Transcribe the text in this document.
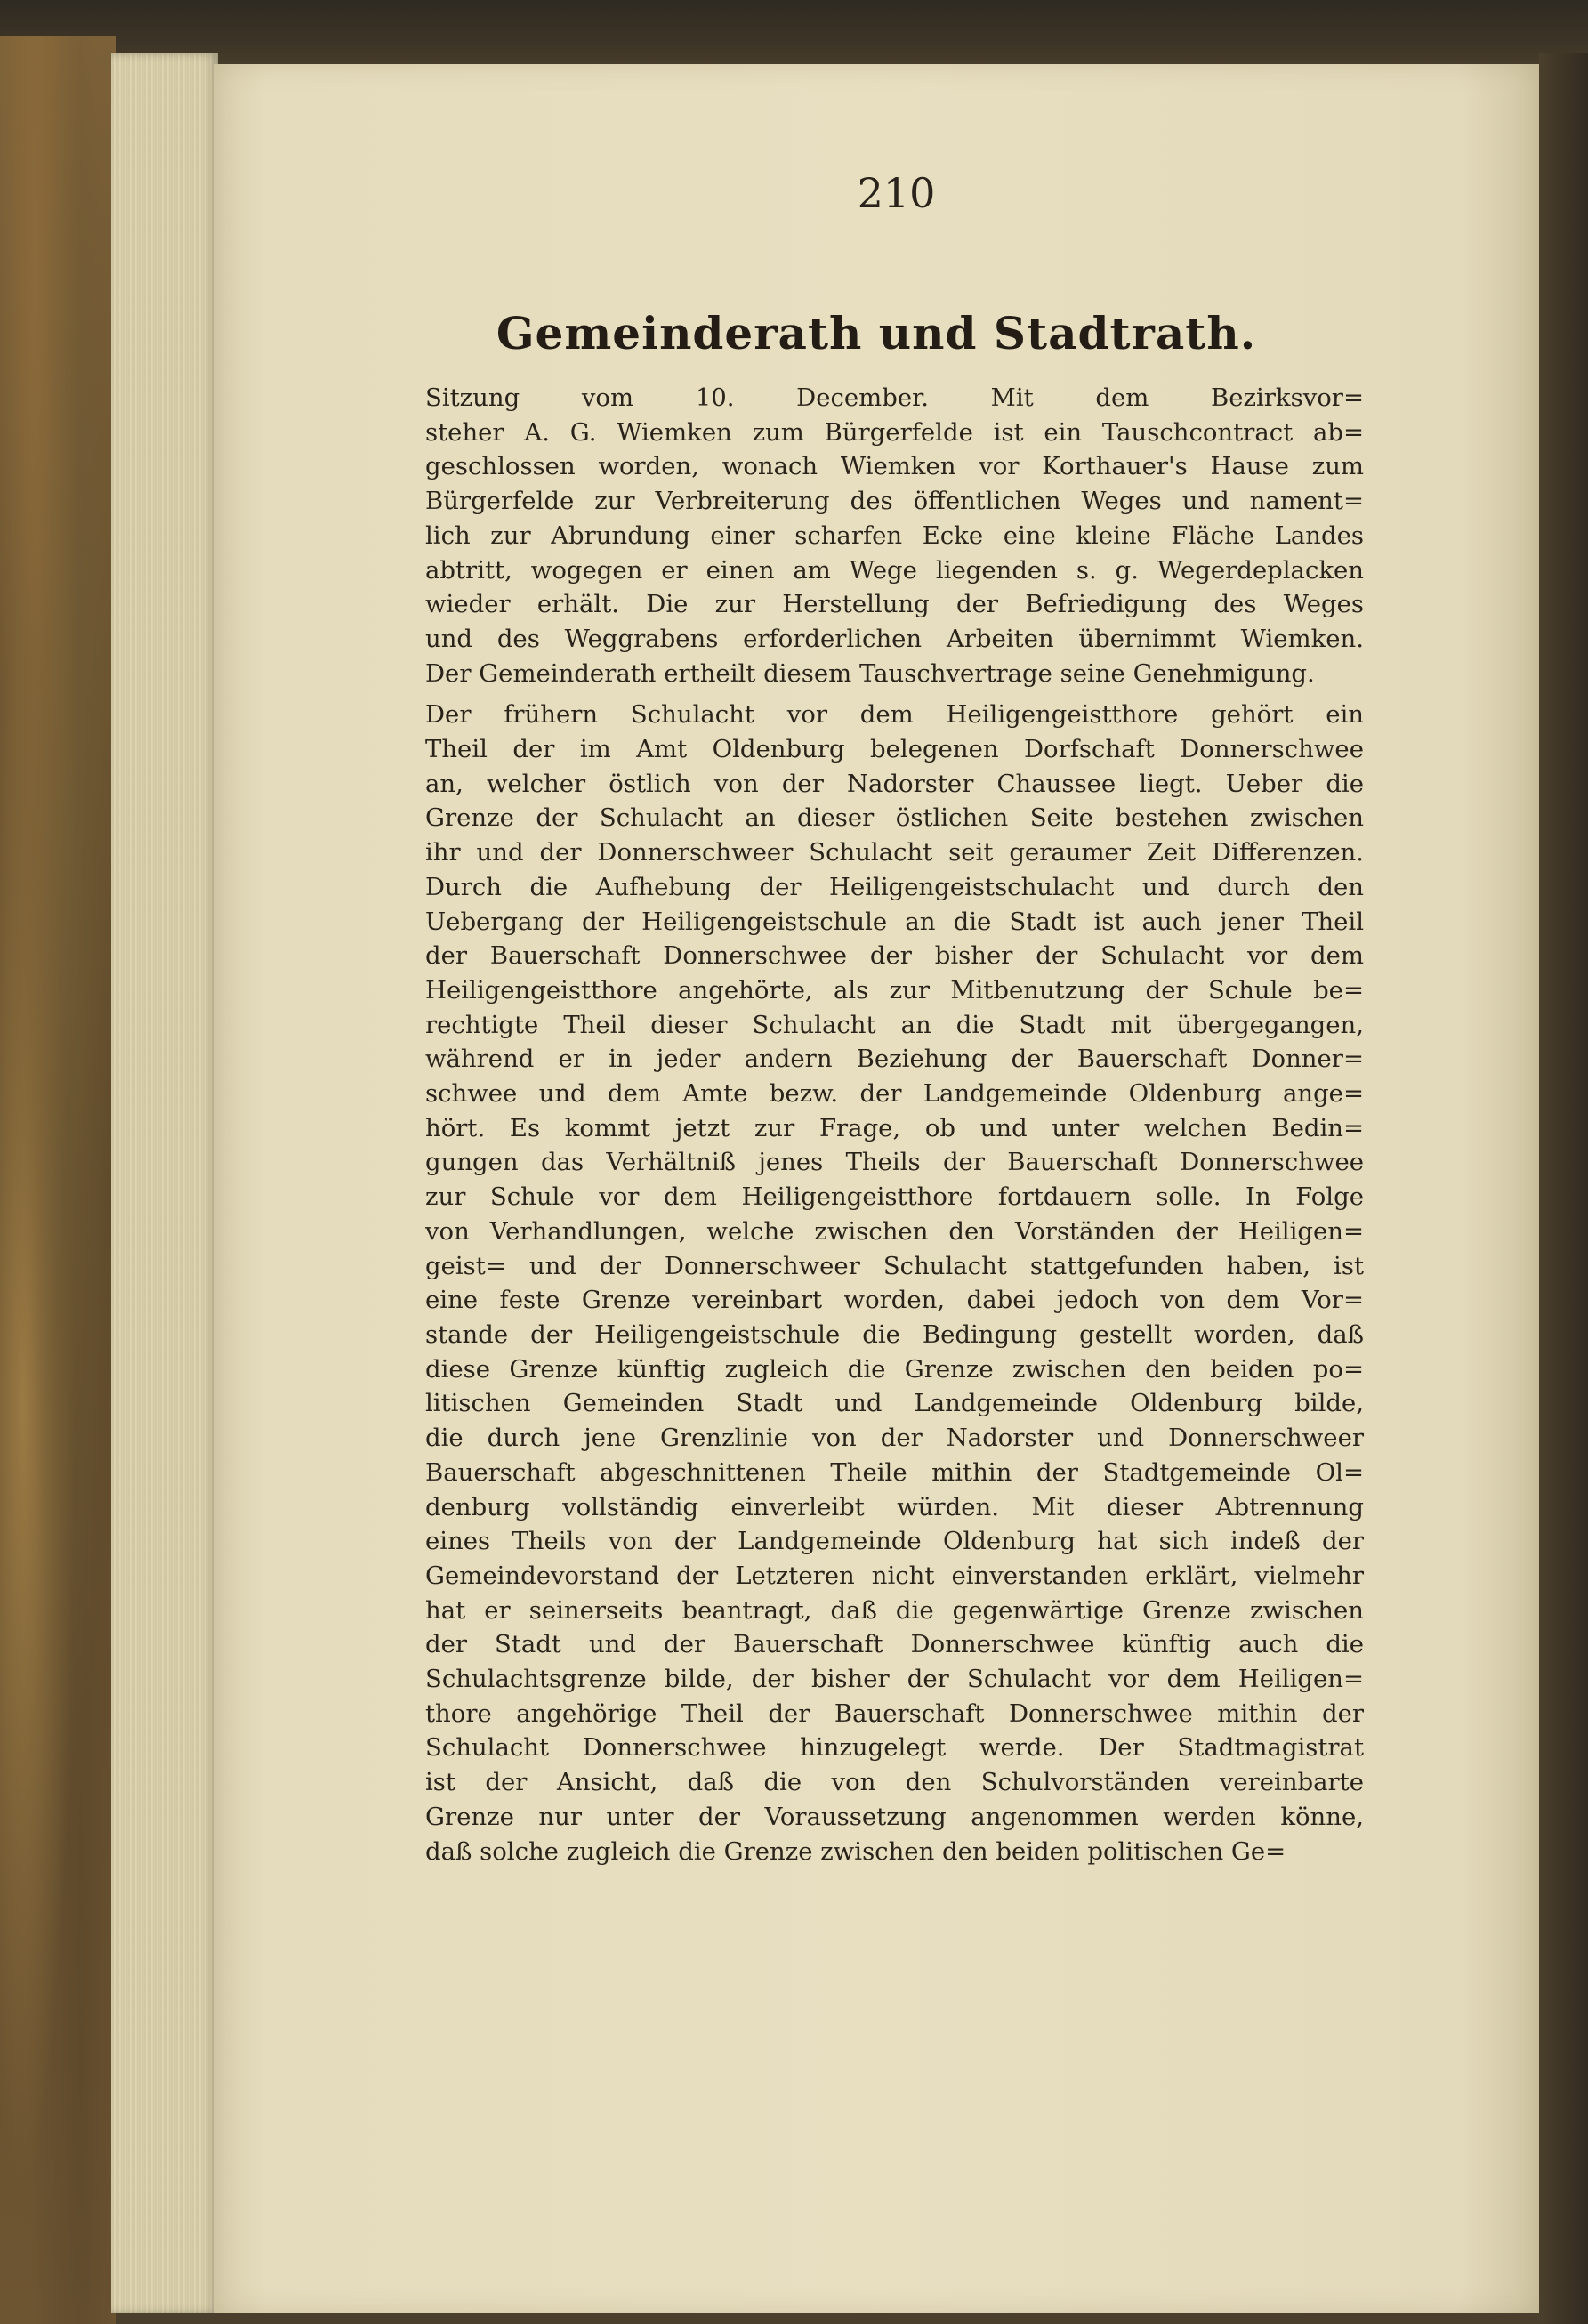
210
Gemeinderath und Stadtrath.
Sitzung vom 10. December. Mit dem Bezirksvor=
steher A. G. Wiemken zum Bürgerfelde ist ein Tauschcontract ab=
geschlossen worden, wonach Wiemken vor Korthauer's Hause zum
Bürgerfelde zur Verbreiterung des öffentlichen Weges und nament=
lich zur Abrundung einer scharfen Ecke eine kleine Fläche Landes
abtritt, wogegen er einen am Wege liegenden s. g. Wegerdeplacken
wieder erhält. Die zur Herstellung der Befriedigung des Weges
und des Weggrabens erforderlichen Arbeiten übernimmt Wiemken.
Der Gemeinderath ertheilt diesem Tauschvertrage seine Genehmigung.
Der frühern Schulacht vor dem Heiligengeistthore gehört ein
Theil der im Amt Oldenburg belegenen Dorfschaft Donnerschwee
an, welcher östlich von der Nadorster Chaussee liegt. Ueber die
Grenze der Schulacht an dieser östlichen Seite bestehen zwischen
ihr und der Donnerschweer Schulacht seit geraumer Zeit Differenzen.
Durch die Aufhebung der Heiligengeistschulacht und durch den
Uebergang der Heiligengeistschule an die Stadt ist auch jener Theil
der Bauerschaft Donnerschwee der bisher der Schulacht vor dem
Heiligengeistthore angehörte, als zur Mitbenutzung der Schule be=
rechtigte Theil dieser Schulacht an die Stadt mit übergegangen,
während er in jeder andern Beziehung der Bauerschaft Donner=
schwee und dem Amte bezw. der Landgemeinde Oldenburg ange=
hört. Es kommt jetzt zur Frage, ob und unter welchen Bedin=
gungen das Verhältniß jenes Theils der Bauerschaft Donnerschwee
zur Schule vor dem Heiligengeistthore fortdauern solle. In Folge
von Verhandlungen, welche zwischen den Vorständen der Heiligen=
geist= und der Donnerschweer Schulacht stattgefunden haben, ist
eine feste Grenze vereinbart worden, dabei jedoch von dem Vor=
stande der Heiligengeistschule die Bedingung gestellt worden, daß
diese Grenze künftig zugleich die Grenze zwischen den beiden po=
litischen Gemeinden Stadt und Landgemeinde Oldenburg bilde,
die durch jene Grenzlinie von der Nadorster und Donnerschweer
Bauerschaft abgeschnittenen Theile mithin der Stadtgemeinde Ol=
denburg vollständig einverleibt würden. Mit dieser Abtrennung
eines Theils von der Landgemeinde Oldenburg hat sich indeß der
Gemeindevorstand der Letzteren nicht einverstanden erklärt, vielmehr
hat er seinerseits beantragt, daß die gegenwärtige Grenze zwischen
der Stadt und der Bauerschaft Donnerschwee künftig auch die
Schulachtsgrenze bilde, der bisher der Schulacht vor dem Heiligen=
thore angehörige Theil der Bauerschaft Donnerschwee mithin der
Schulacht Donnerschwee hinzugelegt werde. Der Stadtmagistrat
ist der Ansicht, daß die von den Schulvorständen vereinbarte
Grenze nur unter der Voraussetzung angenommen werden könne,
daß solche zugleich die Grenze zwischen den beiden politischen Ge=
